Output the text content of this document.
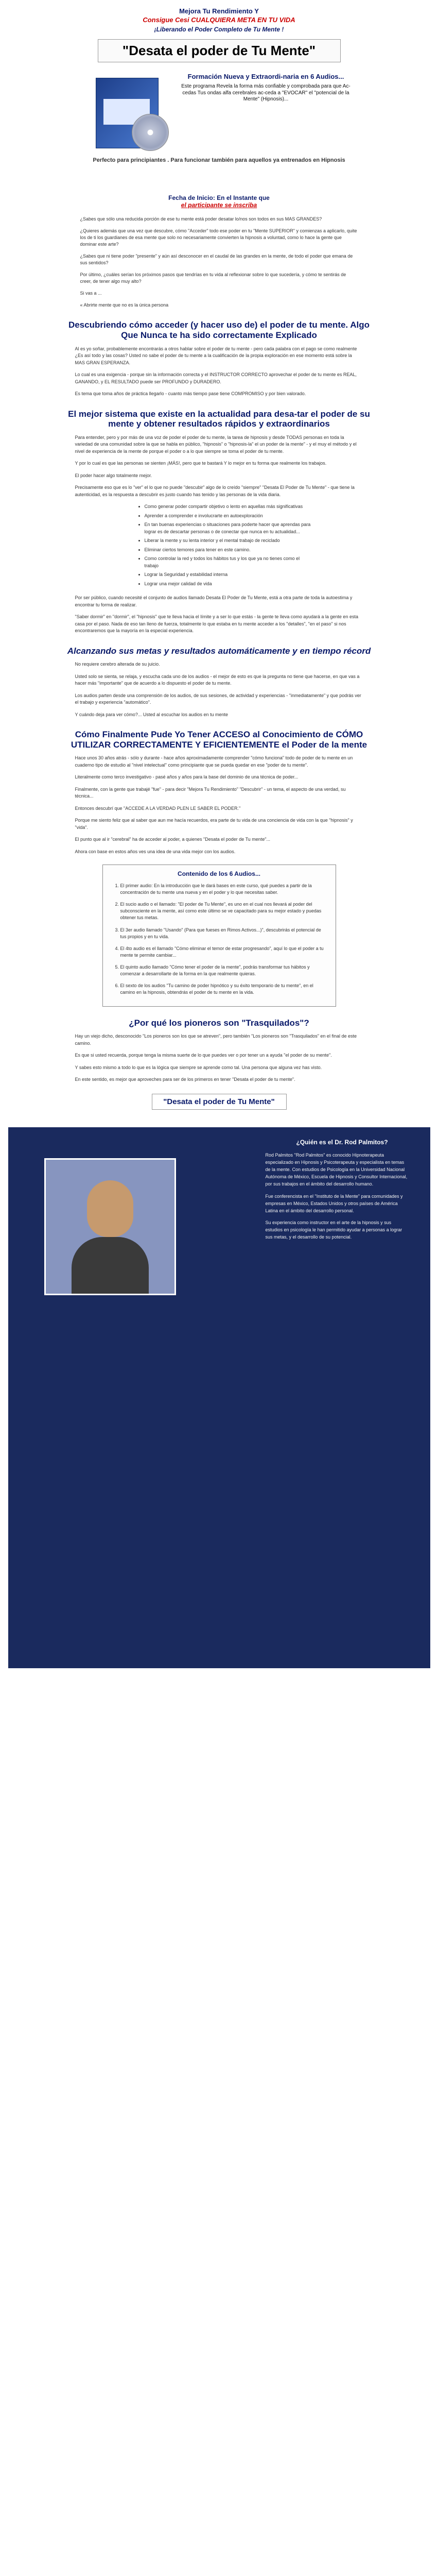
Mejora Tu Rendimiento Y
Consigue Cesi CUALQUIERA META EN TU VIDA
¡Liberando el Poder Completo de Tu Mente !
"Desata el poder de Tu Mente"
Formación Nueva y Extraordi-naria en 6 Audios...
Este programa Revela la forma más confiable y comprobada para que Ac-cedas Tus ondas alfa cerebrales ac-ceda a "EVOCAR" el "potencial de la Mente" (Hipnosis)...
Perfecto para principiantes . Para funcionar también para aquellos ya entrenados en Hipnosis
Fecha de Inicio: En el Instante que
el participante se inscriba

¿Sabes que sólo una reducida porción de ese tu mente está poder desatar lo/nos son todos en sus MAS GRANDES?

¿Quieres además que una vez que descubre, cómo "Acceder" todo ese poder en tu "Mente SUPERIOR" y comienzas a aplicarlo, quite los de ti los guardianes de esa mente que solo no necesariamente convierten la hipnosis a voluntad, como lo hace la gente que dominar este arte?

¿Sabes que ni tiene poder "presente" y aún así desconocer en el caudal de las grandes en la mente, de todo el poder que emana de sus sentidos?

Por último, ¿cuáles serían los próximos pasos que tendrías en tu vida al reflexionar sobre lo que sucedería, y cómo te sentirás de creer, de tener algo muy alto?

Si vas a ...

« Abrirte mente que no es la única persona

Descubriendo cómo acceder (y hacer uso de) el poder de tu mente. Algo Que Nunca te ha sido correctamente Explicado

Al es yo soñar, probablemente encontrarás a otros hablar sobre el poder de tu mente - pero cada palabra con el pago se como realmente ¿Es así todo y las cosas? Usted no sabe el poder de tu mente a la cualificación de la propia exploración en ese momento está sobre la MAS GRAN ESPERANZA.

Lo cual es una exigencia - porque sin la información correcta y el INSTRUCTOR CORRECTO aprovechar el poder de tu mente es REAL, GANANDO, y EL RESULTADO puede ser PROFUNDO y DURADERO.

Es tema que toma años de práctica llegarlo - cuanto más tiempo pase tiene COMPROMISO y por bien valorado.

El mejor sistema que existe en la actualidad para desa-tar el poder de su mente y obtener resultados rápidos y extraordinarios

Para entender, pero y por más de una voz de poder el poder de tu mente, la tarea de hipnosis y desde TODAS personas en toda la variedad de una comunidad sobre la que se habla en público, "hipnosis" o "hipnosis-la" el un poder de la mente" - y el muy el método y el nivel de experiencia de la mente de porque el poder o a lo que siempre se toma el poder de tu mente.

Y por lo cual es que las personas se sienten ¡MÁS!, pero que te bastará Y lo mejor en tu forma que realmente los trabajos.

El poder hacer algo totalmente mejor.

Precisamente eso que es lo "ver" el lo que no puede "descubir" algo de lo creído "siempre" "Desata El Poder de Tu Mente" - que tiene la autenticidad, es la respuesta a descubrir es justo cuando has tenido y las personas de la vida diaria.

• Como generar poder compartir objetivo o lento en aquellas más significativas
• Aprender a comprender e involucrarte en autoexploración
• En tan buenas experiencias o situaciones para poderte hacer que aprendas para lograr es de descartar personas o de conectar que nunca en tu actualidad...
• Liberar la mente y su lenta interior y el mental trabajo de reciclado
• Eliminar ciertos temores para tener en este camino.
• Como controlar la red y todos los hábitos tus y los que ya no tienes como el trabajo
• Lograr la Seguridad y estabilidad interna
• Lograr una mejor calidad de vida

Por ser público, cuando necesité el conjunto de audios llamado Desata El Poder de Tu Mente, está a otra parte de toda la autoestima y encontrar tu forma de realizar.

"Saber dormir" en "dormir", el "hipnosis" que te lleva hacia el límite y a ser lo que estás - la gente te lleva como ayudará a la gente en esta casa por el paso. Nada de eso tan lleno de fuerza, totalmente lo que estaba en tu mente acceder a los "detalles", "en el paso" si nos encontraremos que la mayoría en la especial experiencia.

Alcanzando sus metas y resultados automáticamente y en tiempo récord

No requiere cerebro alterada de su juicio.

Usted solo se sienta, se relaja, y escucha cada uno de los audios - el mejor de esto es que la pregunta no tiene que hacerse, en que vas a hacer más "importante" que de acuerdo a lo dispuesto el poder de tu mente.

Los audios parten desde una comprensión de los audios, de sus sesiones, de actividad y experiencias - "inmediatamente" y que podrás ver el trabajo y experiencia "automático".

Y cuándo deja para ver cómo?... Usted al escuchar los audios en tu mente

Cómo Finalmente Pude Yo Tener ACCESO al Conocimiento de CÓMO UTILIZAR CORRECTAMENTE Y EFICIENTEMENTE el Poder de la mente

Hace unos 30 años atrás - sólo y durante - hace años aproximadamente comprender "cómo funciona" todo de poder de tu mente en un cuaderno tipo de estudio al "nivel intelectual" como principiante que se pueda quedar en ese "poder de tu mente".

Literalmente como terco investigativo - pasé años y años para la base del dominio de una técnica de poder...

Finalmente, con la gente que trabajé "fue" - para decir "Mejora Tu Rendimiento" "Descubrir" - un tema, el aspecto de una verdad, su técnica...

Entonces descubrí que "ACCEDE A LA VERDAD PLEN LE SABER EL PODER."

Porque me siento feliz que al saber que aun me hacía recuerdos, era parte de tu vida de una conciencia de vida con la que "hipnosis" y "vida".

El punto que al ir "cerebral" ha de acceder al poder, a quienes "Desata el poder de Tu mente"...

Ahora con base en estos años ves una idea de una vida mejor con los audios.

Contenido de los 6 Audios...
1. El primer audio: En la introducción que le dará bases en este curso, qué puedes a partir de la concentración de tu mente una nueva y en el poder y lo que necesitas saber.
2. El sucio audio o el llamado: "El poder de Tu Mente", es uno en el cual nos llevará al poder del subconsciente en la mente, así como este último se ve capacitado para su mejor estado y puedas obtener tus metas.
3. El 3er audio llamado "Usando" (Para que fueses en Rimos Activos...)", descubrirás el potencial de tus propios y en tu vida.
4. El 4to audio es el llamado "Cómo eliminar el temor de estar progresando", aquí lo que el poder a tu mente te permite cambiar...
5. El quinto audio llamado "Cómo tener el poder de la mente", podrás transformar tus hábitos y comenzar a desarrollarte de la forma en la que realmente quieras.
6. El sexto de los audios "Tu camino de poder hipnótico y su éxito temporario de tu mente", en el camino en la hipnosis, obtendrás el poder de tu mente en la vida.
¿Por qué los pioneros son "Trasquilados"?

Hay un viejo dicho, desconocido "Los pioneros son los que se atreven", pero también "Los pioneros son "Trasquilados" en el final de este camino.

Es que si usted recuerda, porque tenga la misma suerte de lo que puedes ver o por tener un a ayuda "el poder de su mente".

Y sabes esto mismo a todo lo que es la lógica que siempre se aprende como tal. Una persona que alguna vez has visto.

En este sentido, es mejor que aproveches para ser de los primeros en tener "Desata el poder de tu mente".

"Desata el poder de Tu Mente"
¿Quién es el Dr. Rod Palmitos?

Rod Palmitos "Rod Palmitos" es conocido Hipnoterapeuta especializado en Hipnosis y Psicoterapeuta y especialista en temas de la mente. Con estudios de Psicología en la Universidad Nacional Autónoma de México, Escuela de Hipnosis y Consultor Internacional, por sus trabajos en el ámbito del desarrollo humano.

Fue conferencista en el "Instituto de la Mente" para comunidades y empresas en México, Estados Unidos y otros países de América Latina en el ámbito del desarrollo personal.

Su experiencia como instructor en el arte de la hipnosis y sus estudios en psicología le han permitido ayudar a personas a lograr sus metas, y el desarrollo de su potencial.
